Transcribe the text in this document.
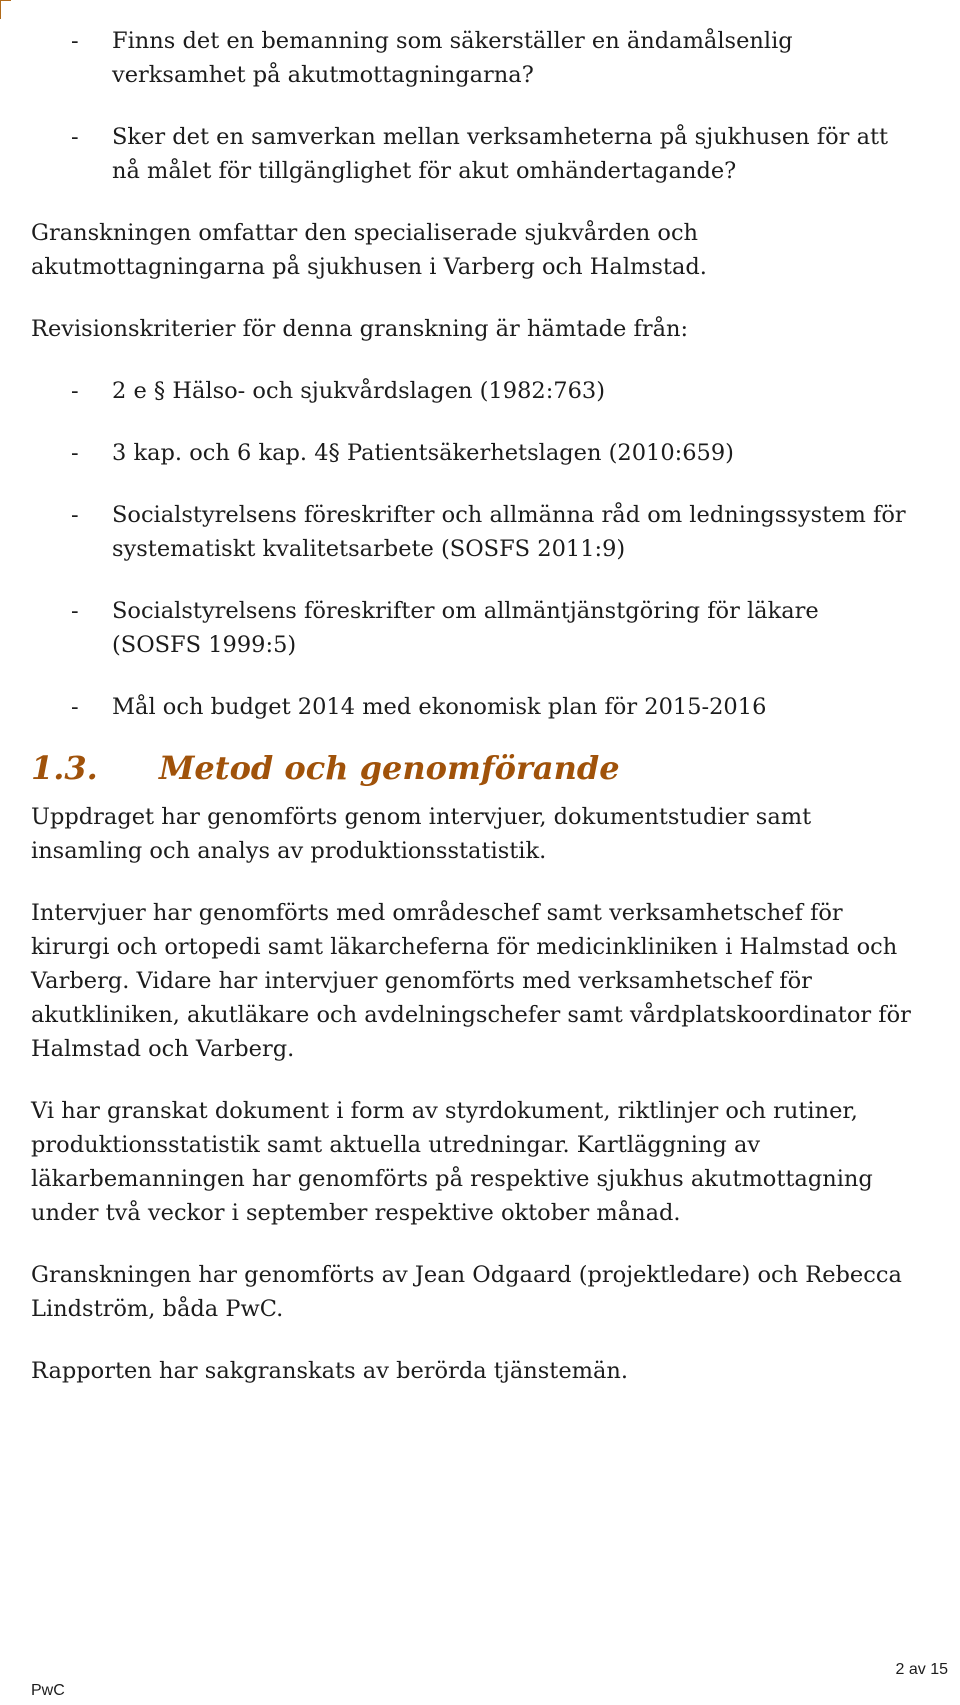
- Finns det en bemanning som säkerställer en ändamålsenlig verksamhet på akutmottagningarna?
- Sker det en samverkan mellan verksamheterna på sjukhusen för att nå målet för tillgänglighet för akut omhändertagande?

Granskningen omfattar den specialiserade sjukvården och akutmottagningarna på sjukhusen i Varberg och Halmstad.

Revisionskriterier för denna granskning är hämtade från:

- 2 e § Hälso- och sjukvårdslagen (1982:763)
- 3 kap. och 6 kap. 4§ Patientsäkerhetslagen (2010:659)
- Socialstyrelsens föreskrifter och allmänna råd om ledningssystem för systematiskt kvalitetsarbete (SOSFS 2011:9)
- Socialstyrelsens föreskrifter om allmäntjänstgöring för läkare (SOSFS 1999:5)
- Mål och budget 2014 med ekonomisk plan för 2015-2016
1.3.	Metod och genomförande

Uppdraget har genomförts genom intervjuer, dokumentstudier samt insamling och analys av produktionsstatistik.

Intervjuer har genomförts med områdeschef samt verksamhetschef för kirurgi och ortopedi samt läkarcheferna för medicinkliniken i Halmstad och Varberg. Vidare har intervjuer genomförts med verksamhetschef för akutkliniken, akutläkare och avdelningschefer samt vårdplatskoordinator för Halmstad och Varberg.

Vi har granskat dokument i form av styrdokument, riktlinjer och rutiner, produktionsstatistik samt aktuella utredningar. Kartläggning av läkarbemanningen har genomförts på respektive sjukhus akutmottagning under två veckor i september respektive oktober månad.

Granskningen har genomförts av Jean Odgaard (projektledare) och Rebecca Lindström, båda PwC.

Rapporten har sakgranskats av berörda tjänstemän.

2 av 15
PwC
